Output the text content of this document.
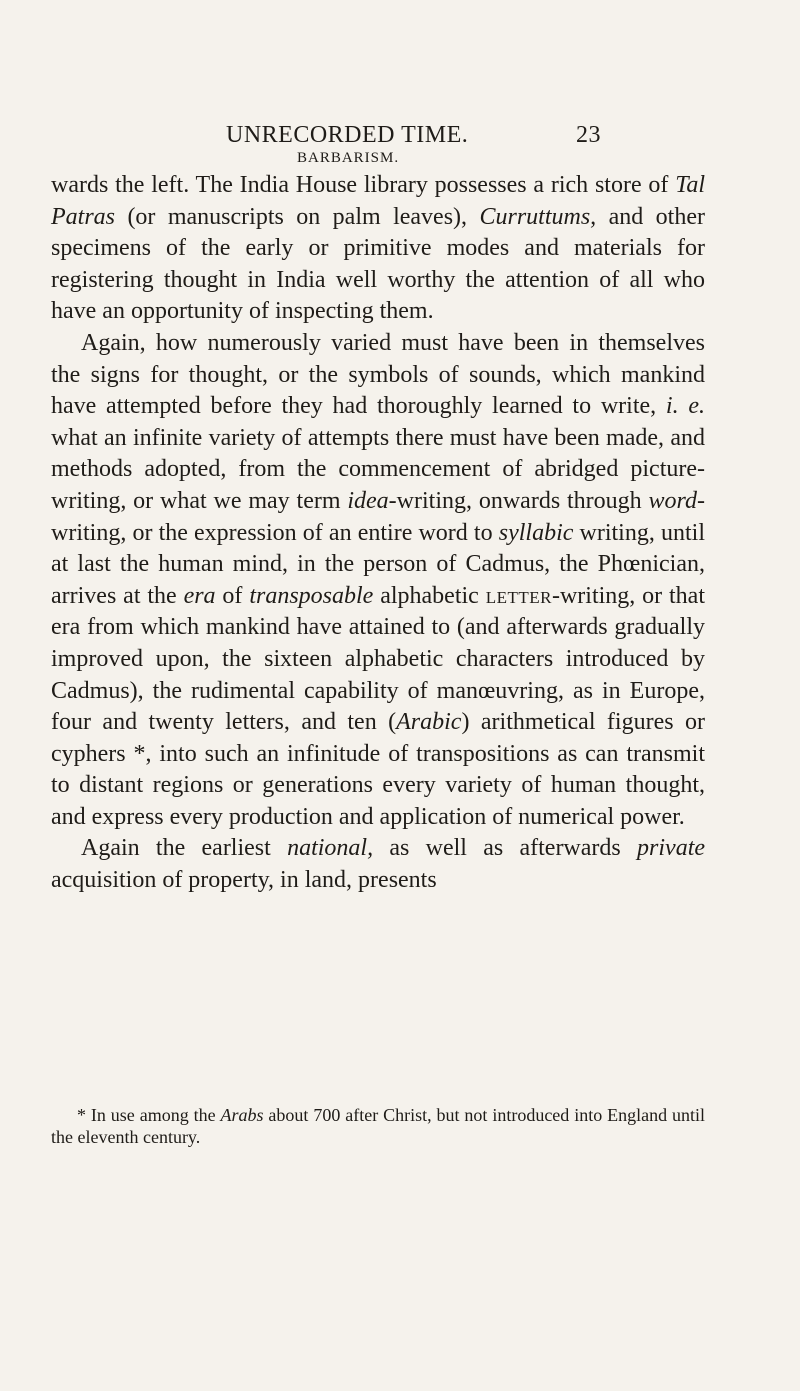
UNRECORDED TIME.	23
BARBARISM.

wards the left. The India House library possesses a rich store of Tal Patras (or manuscripts on palm leaves), Curruttums, and other specimens of the early or primitive modes and materials for registering thought in India well worthy the attention of all who have an opportunity of inspecting them.

Again, how numerously varied must have been in themselves the signs for thought, or the symbols of sounds, which mankind have attempted before they had thoroughly learned to write, i. e. what an infinite variety of attempts there must have been made, and methods adopted, from the commencement of abridged picture-writing, or what we may term idea-writing, onwards through word-writing, or the expression of an entire word to syllabic writing, until at last the human mind, in the person of Cadmus, the Phœnician, arrives at the era of transposable alphabetic letter-writing, or that era from which mankind have attained to (and afterwards gradually improved upon, the sixteen alphabetic characters introduced by Cadmus), the rudimental capability of manœuvring, as in Europe, four and twenty letters, and ten (Arabic) arithmetical figures or cyphers *, into such an infinitude of transpositions as can transmit to distant regions or generations every variety of human thought, and express every production and application of numerical power.

Again the earliest national, as well as afterwards private acquisition of property, in land, presents

* In use among the Arabs about 700 after Christ, but not introduced into England until the eleventh century.
